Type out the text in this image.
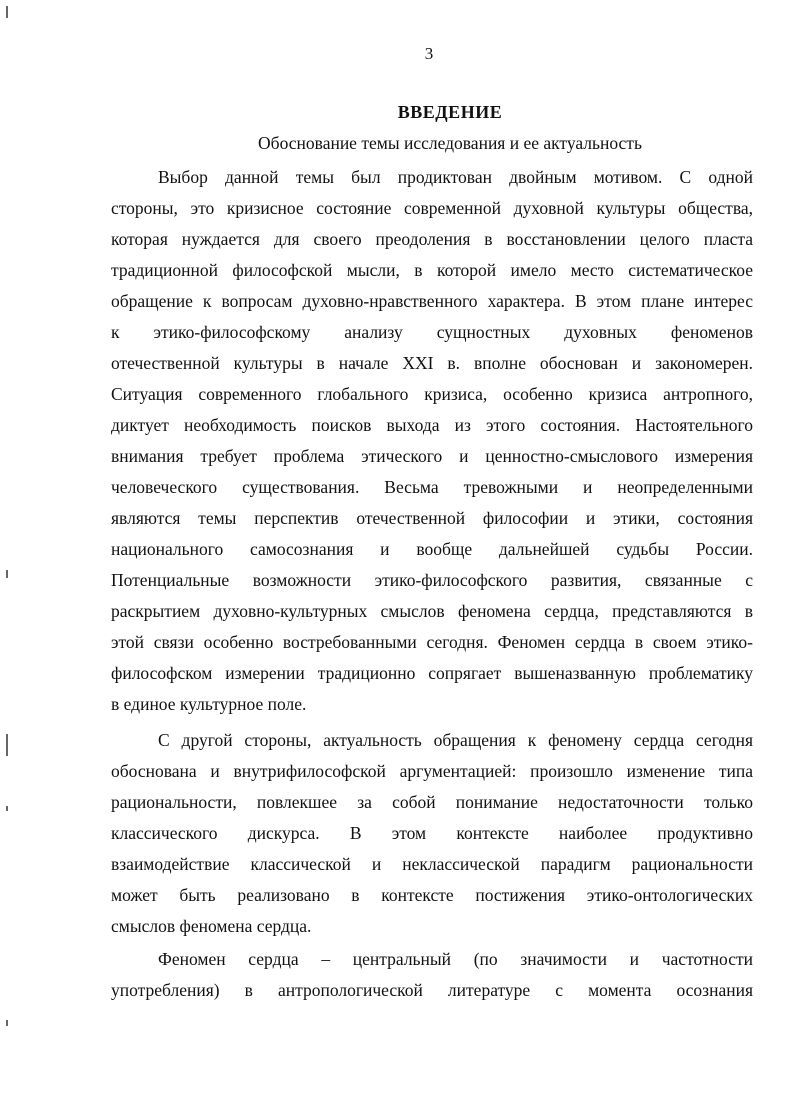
3
ВВЕДЕНИЕ
Обоснование темы исследования и ее актуальность
Выбор данной темы был продиктован двойным мотивом. С одной
стороны, это кризисное состояние современной духовной культуры общества,
которая нуждается для своего преодоления в восстановлении целого пласта
традиционной философской мысли, в которой имело место систематическое
обращение к вопросам духовно-нравственного характера. В этом плане интерес
к этико-философскому анализу сущностных духовных феноменов
отечественной культуры в начале XXI в. вполне обоснован и закономерен.
Ситуация современного глобального кризиса, особенно кризиса антропного,
диктует необходимость поисков выхода из этого состояния. Настоятельного
внимания требует проблема этического и ценностно-смыслового измерения
человеческого существования. Весьма тревожными и неопределенными
являются темы перспектив отечественной философии и этики, состояния
национального самосознания и вообще дальнейшей судьбы России.
Потенциальные возможности этико-философского развития, связанные с
раскрытием духовно-культурных смыслов феномена сердца, представляются в
этой связи особенно востребованными сегодня. Феномен сердца в своем этико-
философском измерении традиционно сопрягает вышеназванную проблематику
в единое культурное поле.
С другой стороны, актуальность обращения к феномену сердца сегодня
обоснована и внутрифилософской аргументацией: произошло изменение типа
рациональности, повлекшее за собой понимание недостаточности только
классического дискурса. В этом контексте наиболее продуктивно
взаимодействие классической и неклассической парадигм рациональности
может быть реализовано в контексте постижения этико-онтологических
смыслов феномена сердца.
Феномен сердца – центральный (по значимости и частотности
употребления) в антропологической литературе с момента осознания
